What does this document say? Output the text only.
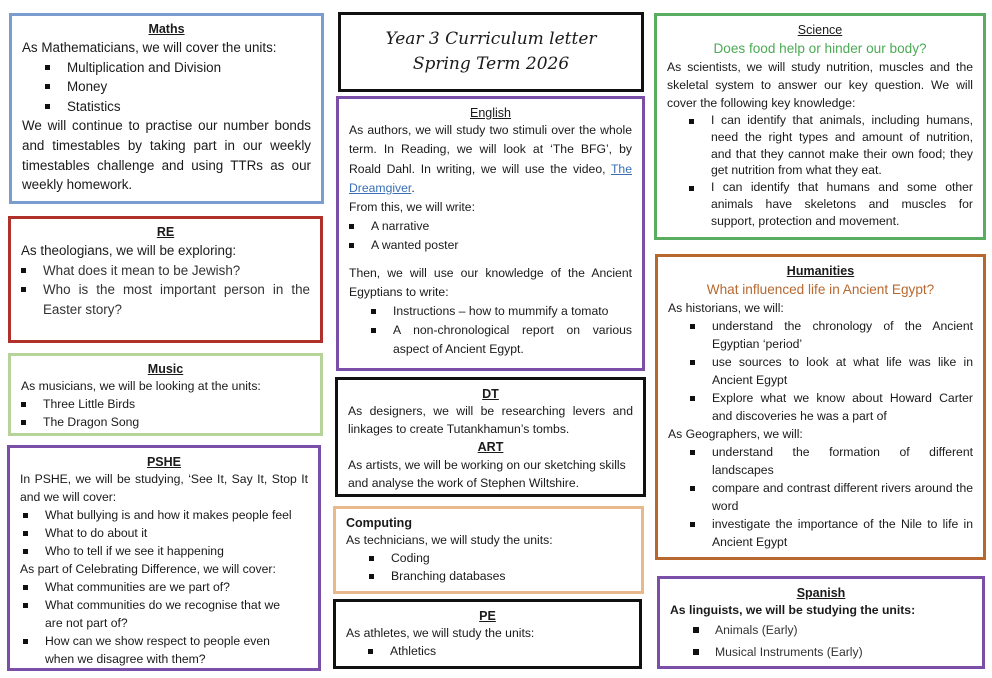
Maths

As Mathematicians, we will cover the units:

Multiplication and Division
Money
Statistics

We will continue to practise our number bonds and timestables by taking part in our weekly timestables challenge and using TTRs as our weekly homework.

RE

As theologians, we will be exploring:

What does it mean to be Jewish?
Who is the most important person in the Easter story?
Music

As musicians, we will be looking at the units:

Three Little Birds
The Dragon Song
PSHE

In PSHE, we will be studying, ‘See It, Say It, Stop It and we will cover:

What bullying is and how it makes people feel
What to do about it
Who to tell if we see it happening

As part of Celebrating Difference, we will cover:

What communities are we part of?
What communities do we recognise that we are not part of?
How can we show respect to people even when we disagree with them?
Year 3 Curriculum letter
Spring Term 2026
English

As authors, we will study two stimuli over the whole term. In Reading, we will look at ‘The BFG’, by Roald Dahl. In writing, we will use the video, The Dreamgiver.

From this, we will write:

A narrative
A wanted poster

Then, we will use our knowledge of the Ancient Egyptians to write:

Instructions – how to mummify a tomato
A non-chronological report on various aspect of Ancient Egypt.
DT

As designers, we will be researching levers and linkages to create Tutankhamun’s tombs.

ART

As artists, we will be working on our sketching skills and analyse the work of Stephen Wiltshire.

Computing

As technicians, we will study the units:

Coding
Branching databases
PE

As athletes, we will study the units:

Athletics
Science
Does food help or hinder our body?

As scientists, we will study nutrition, muscles and the skeletal system to answer our key question. We will cover the following key knowledge:

I can identify that animals, including humans, need the right types and amount of nutrition, and that they cannot make their own food; they get nutrition from what they eat.
I can identify that humans and some other animals have skeletons and muscles for support, protection and movement.
Humanities
What influenced life in Ancient Egypt?

As historians, we will:

understand the chronology of the Ancient Egyptian ‘period’
use sources to look at what life was like in Ancient Egypt
Explore what we know about Howard Carter and discoveries he was a part of

As Geographers, we will:

understand the formation of different landscapes
compare and contrast different rivers around the word
investigate the importance of the Nile to life in Ancient Egypt
Spanish

As linguists, we will be studying the units:

Animals (Early)
Musical Instruments (Early)
